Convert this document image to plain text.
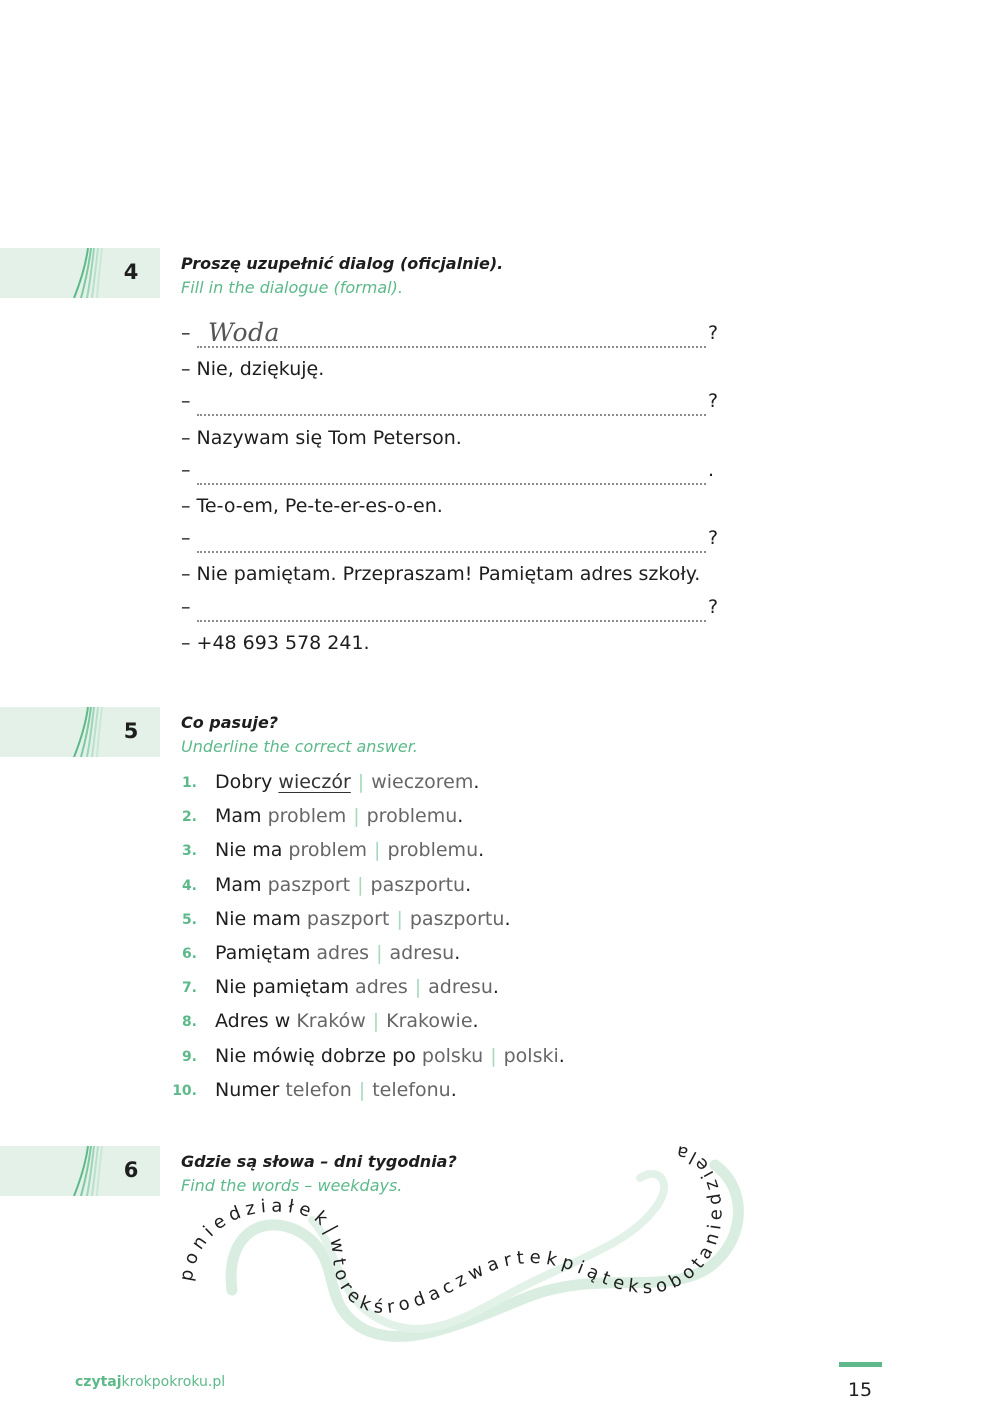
4	Proszę uzupełnić dialog (oficjalnie).
Fill in the dialogue (formal).
–	?
Woda
– Nie, dziękuję.
–	?
– Nazywam się Tom Peterson.
–	.
– Te-o-em, Pe-te-er-es-o-en.
–	?
– Nie pamiętam. Przepraszam! Pamiętam adres szkoły.
–	?
– +48 693 578 241.
5	Co pasuje?
Underline the correct answer.
1. Dobry wieczór | wieczorem.
2. Mam problem | problemu.
3. Nie ma problem | problemu.
4. Mam paszport | paszportu.
5. Nie mam paszport | paszportu.
6. Pamiętam adres | adresu.
7. Nie pamiętam adres | adresu.
8. Adres w Kraków | Krakowie.
9. Nie mówię dobrze po polsku | polski.
10. Numer telefon | telefonu.
6	Gdzie są słowa – dni tygodnia?
Find the words – weekdays.
poniedziałek|wtorekśrodaczwartekpiąteksobotaniedziela
czytajkrokpokroku.pl	15
